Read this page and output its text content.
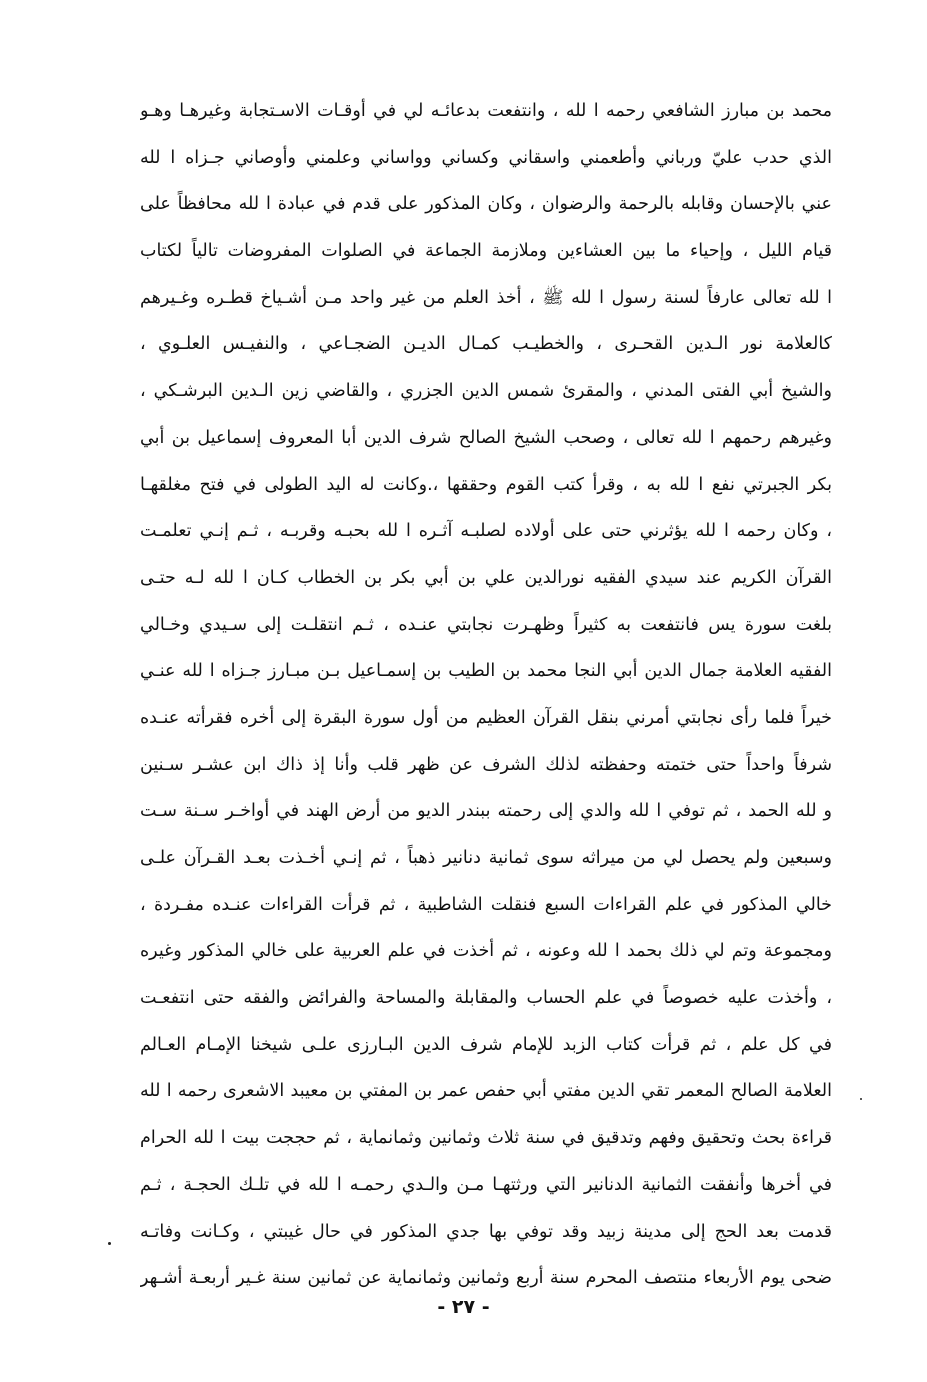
محمد بن مبارز الشافعي رحمه ا لله ، وانتفعت بدعائـه لي في أوقـات الاسـتجابة وغيرهـا وهـو
الذي حدب عليّ ورباني وأطعمني واسقاني وكساني وواساني وعلمني وأوصاني جـزاه ا لله
عني بالإحسان وقابله بالرحمة والرضوان ، وكان المذكور على قدم في عبادة ا لله محافظاً على
قيام الليل ، وإحياء ما بين العشاءين وملازمة الجماعة في الصلوات المفروضات تالياً لكتاب
ا لله تعالى عارفاً لسنة رسول ا لله ﷺ ، أخذ العلم من غير واحد مـن أشـياخ قطـره وغـيرهم
كالعلامة نور الـدين القحـرى ، والخطيـب كمـال الديـن الضجـاعي ، والنفيـس العلـوي ،
والشيخ أبي الفتى المدني ، والمقرئ شمس الدين الجزري ، والقاضي زين الـدين البرشـكي ،
وغيرهم رحمهم ا لله تعالى ، وصحب الشيخ الصالح شرف الدين أبا المعروف إسماعيل بن أبي
بكر الجبرتي نفع ا لله به ، وقرأ كتب القوم وحققها ،.وكانت له اليد الطولى في فتح مغلقهـا
، وكان رحمه ا لله يؤثرني حتى على أولاده لصلبـه آثـره ا لله بحبـه وقربـه ، ثـم إنـي تعلمـت
القرآن الكريم عند سيدي الفقيه نورالدين علي بن أبي بكر بن الخطاب كـان ا لله لـه حتـى
بلغت سورة يس فانتفعت به كثيراً وظهـرت نجابتي عنـده ، ثـم انتقلـت إلى سـيدي وخـالي
الفقيه العلامة جمال الدين أبي النجا محمد بن الطيب بن إسمـاعيل بـن مبـارز جـزاه ا لله عنـي
خيراً فلما رأى نجابتي أمرني بنقل القرآن العظيم من أول سورة البقرة إلى أخره فقرأته عنـده
شرفاً واحداً حتى ختمته وحفظته لذلك الشرف عن ظهر قلب وأنا إذ ذاك ابن عشـر سـنين
و لله الحمد ، ثم توفي ا لله والدي إلى رحمته ببندر الديو من أرض الهند في أواخـر سـنة سـت
وسبعين ولم يحصل لي من ميراثه سوى ثمانية دنانير ذهباً ، ثم إنـي أخـذت بعـد القـرآن علـى
خالي المذكور في علم القراءات السبع فنقلت الشاطبية ، ثم قرأت القراءات عنـده مفـردة ،
ومجموعة وتم لي ذلك بحمد ا لله وعونه ، ثم أخذت في علم العربية على خالي المذكور وغيره
، وأخذت عليه خصوصاً في علم الحساب والمقابلة والمساحة والفرائض والفقه حتى انتفعـت
في كل علم ، ثم قرأت كتاب الزبد للإمام شرف الدين البـارزى علـى شيخنا الإمـام العـالم
العلامة الصالح المعمر تقي الدين مفتي أبي حفص عمر بن المفتي بن معيبد الاشعرى رحمه ا لله
قراءة بحث وتحقيق وفهم وتدقيق في سنة ثلاث وثمانين وثمانماية ، ثم حججت بيت ا لله الحرام
في أخرها وأنفقت الثمانية الدنانير التي ورثتهـا مـن والـدي رحمـه ا لله في تلـك الحجـة ، ثـم
قدمت بعد الحج إلى مدينة زبيد وقد توفي بها جدي المذكور في حال غيبتي ، وكـانت وفاتـه
ضحى يوم الأربعاء منتصف المحرم سنة أربع وثمانين وثمانماية عن ثمانين سنة غـير أربعـة أشـهر
- ٢٧ -
